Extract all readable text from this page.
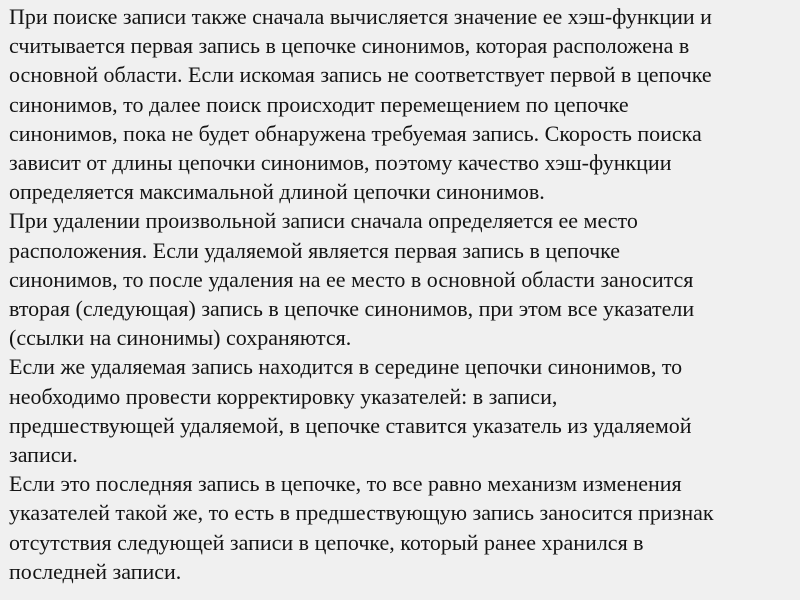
При поиске записи также сначала вычисляется значение ее хэш-функции и
считывается первая запись в цепочке синонимов, которая расположена в
основной области. Если искомая запись не соответствует первой в цепочке
синонимов, то далее поиск происходит перемещением по цепочке
синонимов, пока не будет обнаружена требуемая запись. Скорость поиска
зависит от длины цепочки синонимов, поэтому качество хэш-функции
определяется максимальной длиной цепочки синонимов.

При удалении произвольной записи сначала определяется ее место
расположения. Если удаляемой является первая запись в цепочке
синонимов, то после удаления на ее место в основной области заносится
вторая (следующая) запись в цепочке синонимов, при этом все указатели
(ссылки на синонимы) сохраняются.

Если же удаляемая запись находится в середине цепочки синонимов, то
необходимо провести корректировку указателей: в записи,
предшествующей удаляемой, в цепочке ставится указатель из удаляемой
записи.

Если это последняя запись в цепочке, то все равно механизм изменения
указателей такой же, то есть в предшествующую запись заносится признак
отсутствия следующей записи в цепочке, который ранее хранился в
последней записи.
